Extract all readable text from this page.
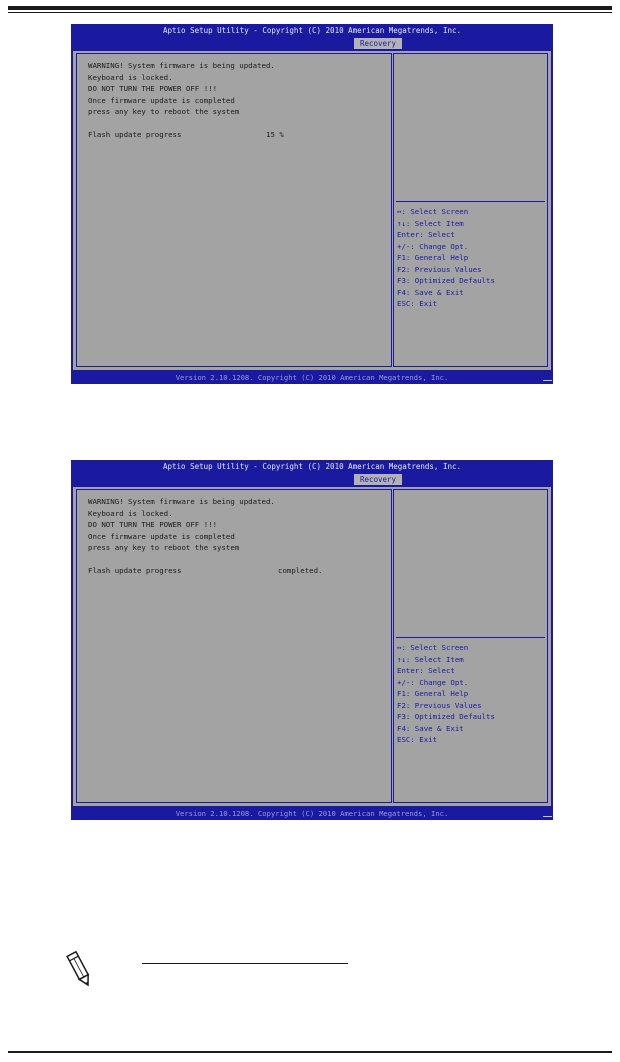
Aptio Setup Utility - Copyright (C) 2010 American Megatrends, Inc.
Recovery
WARNING! System firmware is being updated.
Keyboard is locked.
DO NOT TURN THE POWER OFF !!!
Once firmware update is completed
press any key to reboot the system
Flash update progress	15 %
↔: Select Screen
↑↓: Select Item
Enter: Select
+/-: Change Opt.
F1: General Help
F2: Previous Values
F3: Optimized Defaults
F4: Save & Exit
ESC: Exit
Version 2.10.1208. Copyright (C) 2010 American Megatrends, Inc.
Aptio Setup Utility - Copyright (C) 2010 American Megatrends, Inc.
Recovery
WARNING! System firmware is being updated.
Keyboard is locked.
DO NOT TURN THE POWER OFF !!!
Once firmware update is completed
press any key to reboot the system
Flash update progress	completed.
↔: Select Screen
↑↓: Select Item
Enter: Select
+/-: Change Opt.
F1: General Help
F2: Previous Values
F3: Optimized Defaults
F4: Save & Exit
ESC: Exit
Version 2.10.1208. Copyright (C) 2010 American Megatrends, Inc.
